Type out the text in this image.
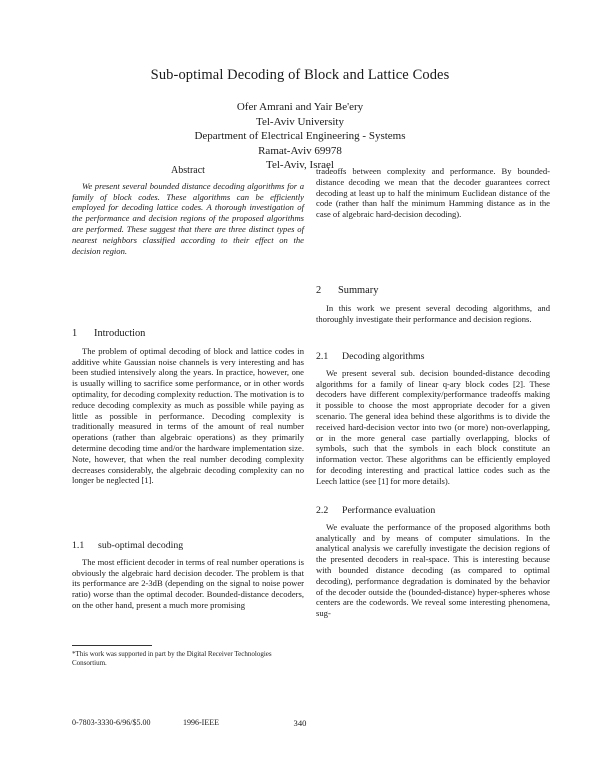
Sub-optimal Decoding of Block and Lattice Codes
Ofer Amrani and Yair Be'ery
Tel-Aviv University
Department of Electrical Engineering - Systems
Ramat-Aviv 69978
Tel-Aviv, Israel
Abstract

We present several bounded distance decoding algorithms for a family of block codes. These algorithms can be efficiently employed for decoding lattice codes. A thorough investigation of the performance and decision regions of the proposed algorithms are performed. These suggest that there are three distinct types of nearest neighbors classified according to their effect on the decision region.

1 Introduction

The problem of optimal decoding of block and lattice codes in additive white Gaussian noise channels is very interesting and has been studied intensively along the years. In practice, however, one is usually willing to sacrifice some performance, or in other words optimality, for decoding complexity reduction. The motivation is to reduce decoding complexity as much as possible while paying as little as possible in performance. Decoding complexity is traditionally measured in terms of the amount of real number operations (rather than algebraic operations) as they primarily determine decoding time and/or the hardware implementation size. Note, however, that when the real number decoding complexity decreases considerably, the algebraic decoding complexity can no longer be neglected [1].

1.1 sub-optimal decoding

The most efficient decoder in terms of real number operations is obviously the algebraic hard decision decoder. The problem is that its performance are 2-3dB (depending on the signal to noise power ratio) worse than the optimal decoder. Bounded-distance decoders, on the other hand, present a much more promising

*This work was supported in part by the Digital Receiver Technologies Consortium.

tradeoffs between complexity and performance. By bounded-distance decoding we mean that the decoder guarantees correct decoding at least up to half the minimum Euclidean distance of the code (rather than half the minimum Hamming distance as in the case of algebraic hard-decision decoding).

2 Summary

In this work we present several decoding algorithms, and thoroughly investigate their performance and decision regions.

2.1 Decoding algorithms

We present several sub. decision bounded-distance decoding algorithms for a family of linear q-ary block codes [2]. These decoders have different complexity/performance tradeoffs making it possible to choose the most appropriate decoder for a given scenario. The general idea behind these algorithms is to divide the received hard-decision vector into two (or more) non-overlapping, or in the more general case partially overlapping, blocks of symbols, such that the symbols in each block constitute an information vector. These algorithms can be efficiently employed for decoding interesting and practical lattice codes such as the Leech lattice (see [1] for more details).

2.2 Performance evaluation

We evaluate the performance of the proposed algorithms both analytically and by means of computer simulations. In the analytical analysis we carefully investigate the decision regions of the presented decoders in real-space. This is interesting because with bounded distance decoding (as compared to optimal decoding), performance degradation is dominated by the behavior of the decoder outside the (bounded-distance) hyper-spheres whose centers are the codewords. We reveal some interesting phenomena, sug-

0-7803-3330-6/96/$5.00	1996-IEEE	340
